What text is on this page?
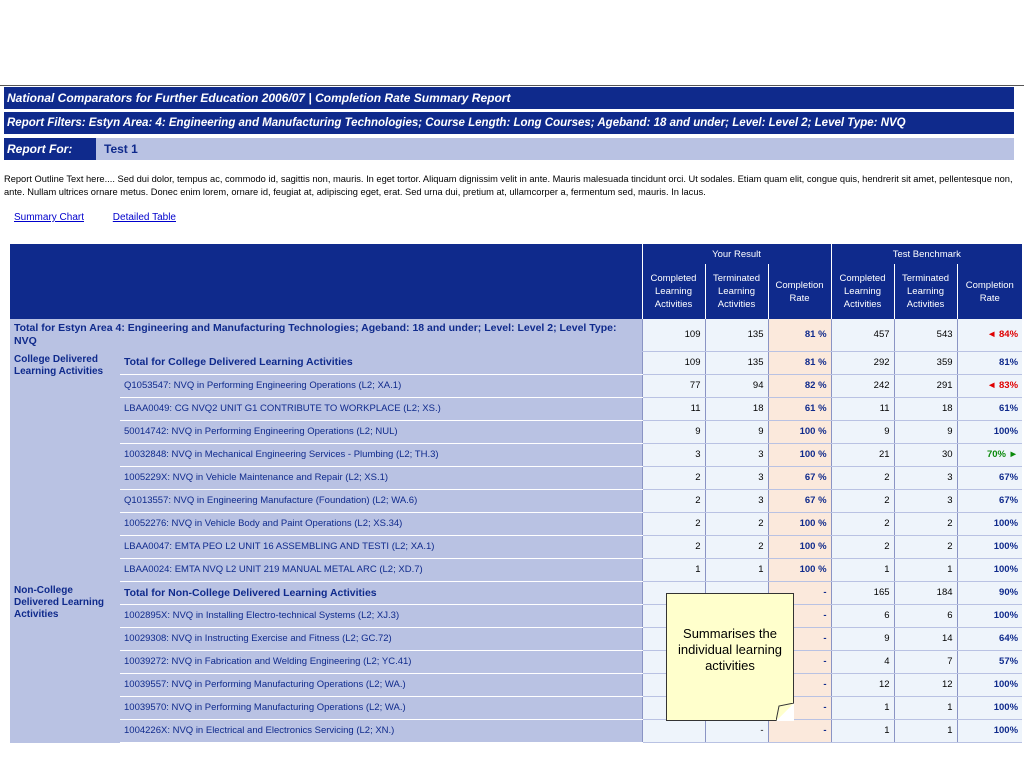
National Comparators for Further Education 2006/07 | Completion Rate Summary Report
Report Filters: Estyn Area: 4: Engineering and Manufacturing Technologies; Course Length: Long Courses; Ageband: 18 and under; Level: Level 2; Level Type: NVQ
Report For:	Test 1
Report Outline Text here.... Sed dui dolor, tempus ac, commodo id, sagittis non, mauris. In eget tortor. Aliquam dignissim velit in ante. Mauris malesuada tincidunt orci. Ut sodales. Etiam quam elit, congue quis, hendrerit sit amet, pellentesque non, ante. Nullam ultrices ornare metus. Donec enim lorem, ornare id, feugiat at, adipiscing eget, erat. Sed urna dui, pretium at, ullamcorper a, fermentum sed, mauris. In lacus.
Summary Chart	Detailed Table
		Your Result			Test Benchmark		
		Completed Learning Activities	Terminated Learning Activities	Completion Rate	Completed Learning Activities	Terminated Learning Activities	Completion Rate
Total for Estyn Area 4: Engineering and Manufacturing Technologies; Ageband: 18 and under; Level: Level 2; Level Type: NVQ		109	135	81 %	457	543	◄ 84%
College Delivered Learning Activities	Total for College Delivered Learning Activities	109	135	81 %	292	359	81%
	Q1053547: NVQ in Performing Engineering Operations (L2; XA.1)	77	94	82 %	242	291	◄ 83%
	LBAA0049: CG NVQ2 UNIT G1 CONTRIBUTE TO WORKPLACE (L2; XS.)	11	18	61 %	11	18	61%
	50014742: NVQ in Performing Engineering Operations (L2; NUL)	9	9	100 %	9	9	100%
	10032848: NVQ in Mechanical Engineering Services - Plumbing (L2; TH.3)	3	3	100 %	21	30	70% ►
	1005229X: NVQ in Vehicle Maintenance and Repair (L2; XS.1)	2	3	67 %	2	3	67%
	Q1013557: NVQ in Engineering Manufacture (Foundation) (L2; WA.6)	2	3	67 %	2	3	67%
	10052276: NVQ in Vehicle Body and Paint Operations (L2; XS.34)	2	2	100 %	2	2	100%
	LBAA0047: EMTA PEO L2 UNIT 16 ASSEMBLING AND TESTI (L2; XA.1)	2	2	100 %	2	2	100%
	LBAA0024: EMTA NVQ L2 UNIT 219 MANUAL METAL ARC (L2; XD.7)	1	1	100 %	1	1	100%
Non-College Delivered Learning Activities	Total for Non-College Delivered Learning Activities			-	165	184	90%
	1002895X: NVQ in Installing Electro-technical Systems (L2; XJ.3)			-	6	6	100%
	10029308: NVQ in Instructing Exercise and Fitness (L2; GC.72)			-	9	14	64%
	10039272: NVQ in Fabrication and Welding Engineering (L2; YC.41)			-	4	7	57%
	10039557: NVQ in Performing Manufacturing Operations (L2; WA.)			-	12	12	100%
	10039570: NVQ in Performing Manufacturing Operations (L2; WA.)			-	1	1	100%
	1004226X: NVQ in Electrical and Electronics Servicing (L2; XN.)		-	-	1	1	100%
Summarises the individual learning activities
